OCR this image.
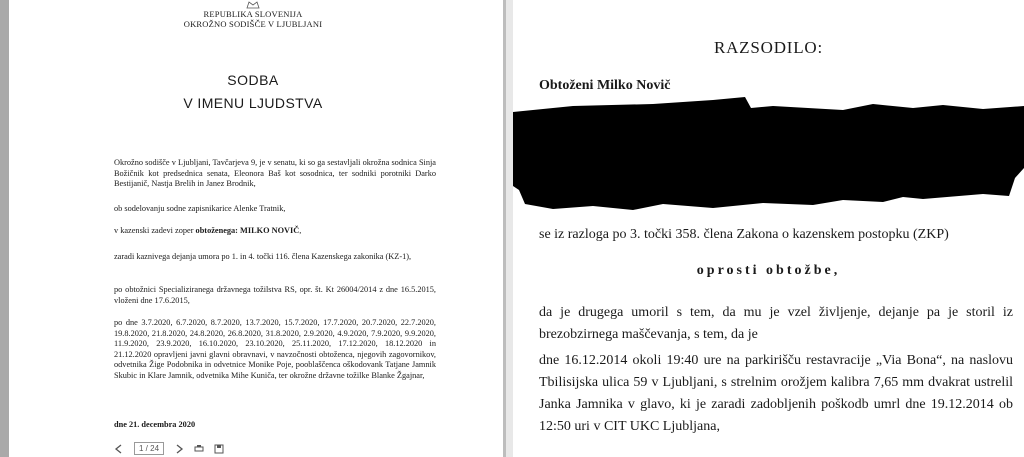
REPUBLIKA SLOVENIJA
OKROŽNO SODIŠČE V LJUBLJANI
SODBA
V IMENU LJUDSTVA
Okrožno sodišče v Ljubljani, Tavčarjeva 9, je v senatu, ki so ga sestavljali okrožna sodnica Sinja Božičnik kot predsednica senata, Eleonora Baš kot sosodnica, ter sodniki porotniki Darko Bestijanič, Nastja Brelih in Janez Brodnik,
ob sodelovanju sodne zapisnikarice Alenke Tratnik,
v kazenski zadevi zoper obtoženega: MILKO NOVIČ,
zaradi kaznivega dejanja umora po 1. in 4. točki 116. člena Kazenskega zakonika (KZ-1),
po obtožnici Specializiranega državnega tožilstva RS, opr. št. Kt 26004/2014 z dne 16.5.2015, vloženi dne 17.6.2015,
po dne 3.7.2020, 6.7.2020, 8.7.2020, 13.7.2020, 15.7.2020, 17.7.2020, 20.7.2020, 22.7.2020, 19.8.2020, 21.8.2020, 24.8.2020, 26.8.2020, 31.8.2020, 2.9.2020, 4.9.2020, 7.9.2020, 9.9.2020, 11.9.2020, 23.9.2020, 16.10.2020, 23.10.2020, 25.11.2020, 17.12.2020, 18.12.2020 in 21.12.2020 opravljeni javni glavni obravnavi, v navzočnosti obtoženca, njegovih zagovornikov, odvetnika Žige Podobnika in odvetnice Monike Poje, pooblaščenca oškodovank Tatjane Jamnik Skubic in Klare Jamnik, odvetnika Mihe Kuniča, ter okrožne državne tožilke Blanke Žgajnar,
dne 21. decembra 2020
1 / 24
RAZSODILO:
Obtoženi Milko Novič
se iz razloga po 3. točki 358. člena Zakona o kazenskem postopku (ZKP)
oprosti obtožbe,
da je drugega umoril s tem, da mu je vzel življenje, dejanje pa je storil iz brezobzirnega maščevanja, s tem, da je
dne 16.12.2014 okoli 19:40 ure na parkirišču restavracije „Via Bona“, na naslovu Tbilisijska ulica 59 v Ljubljani, s strelnim orožjem kalibra 7,65 mm dvakrat ustrelil Janka Jamnika v glavo, ki je zaradi zadobljenih poškodb umrl dne 19.12.2014 ob 12:50 uri v CIT UKC Ljubljana,
